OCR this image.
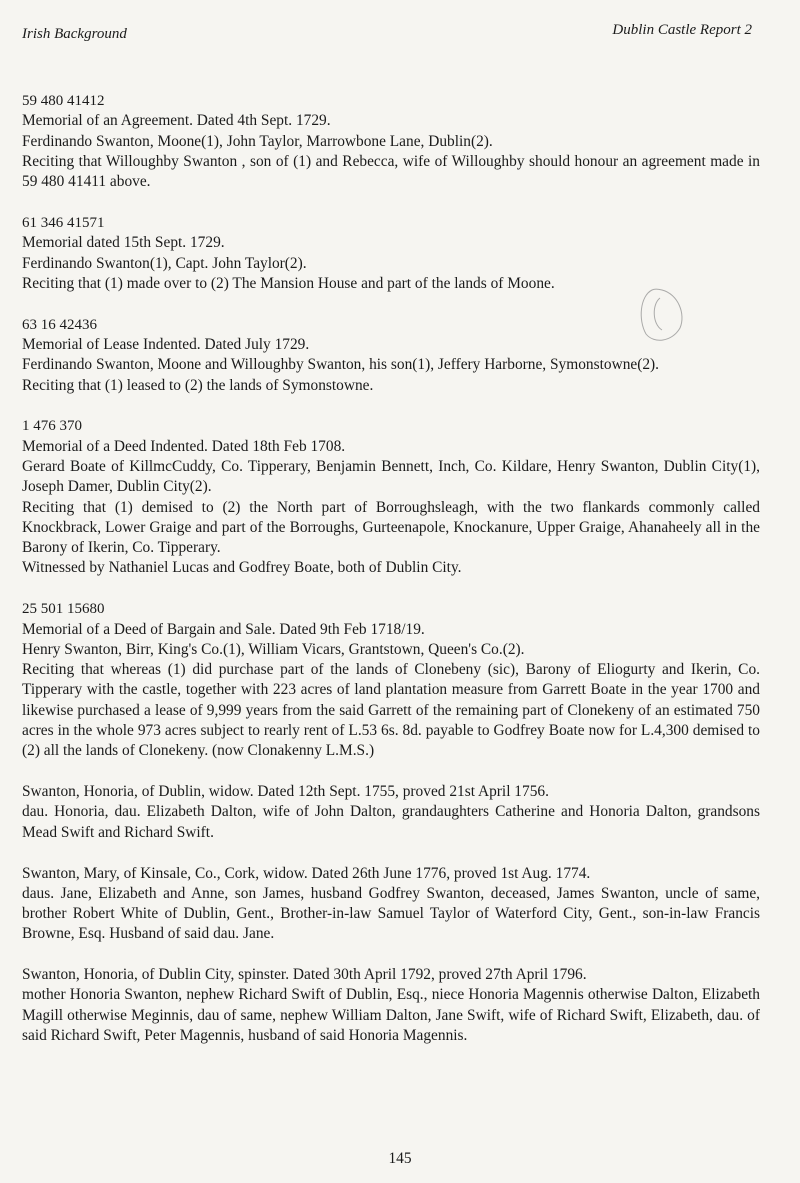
Irish Background	Dublin Castle Report 2

59 480 41412

Memorial of an Agreement. Dated 4th Sept. 1729.

Ferdinando Swanton, Moone(1), John Taylor, Marrowbone Lane, Dublin(2).

Reciting that Willoughby Swanton , son of (1) and Rebecca, wife of Willoughby should honour an agreement made in 59 480 41411 above.

61 346 41571

Memorial dated 15th Sept. 1729.

Ferdinando Swanton(1), Capt. John Taylor(2).

Reciting that (1) made over to (2) The Mansion House and part of the lands of Moone.

63 16 42436

Memorial of Lease Indented. Dated July 1729.

Ferdinando Swanton, Moone and Willoughby Swanton, his son(1), Jeffery Harborne, Symonstowne(2).

Reciting that (1) leased to (2) the lands of Symonstowne.

1 476 370

Memorial of a Deed Indented. Dated 18th Feb 1708.

Gerard Boate of KillmcCuddy, Co. Tipperary, Benjamin Bennett, Inch, Co. Kildare, Henry Swanton, Dublin City(1), Joseph Damer, Dublin City(2).

Reciting that (1) demised to (2) the North part of Borroughsleagh, with the two flankards commonly called Knockbrack, Lower Graige and part of the Borroughs, Gurteenapole, Knockanure, Upper Graige, Ahanaheely all in the Barony of Ikerin, Co. Tipperary.

Witnessed by Nathaniel Lucas and Godfrey Boate, both of Dublin City.

25 501 15680

Memorial of a Deed of Bargain and Sale. Dated 9th Feb 1718/19.

Henry Swanton, Birr, King's Co.(1), William Vicars, Grantstown, Queen's Co.(2).

Reciting that whereas (1) did purchase part of the lands of Clonebeny (sic), Barony of Eliogurty and Ikerin, Co. Tipperary with the castle, together with 223 acres of land plantation measure from Garrett Boate in the year 1700 and likewise purchased a lease of 9,999 years from the said Garrett of the remaining part of Clonekeny of an estimated 750 acres in the whole 973 acres subject to rearly rent of L.53 6s. 8d. payable to Godfrey Boate now for L.4,300 demised to (2) all the lands of Clonekeny. (now Clonakenny L.M.S.)

Swanton, Honoria, of Dublin, widow. Dated 12th Sept. 1755, proved 21st April 1756.

dau. Honoria, dau. Elizabeth Dalton, wife of John Dalton, grandaughters Catherine and Honoria Dalton, grandsons Mead Swift and Richard Swift.

Swanton, Mary, of Kinsale, Co., Cork, widow. Dated 26th June 1776, proved 1st Aug. 1774.

daus. Jane, Elizabeth and Anne, son James, husband Godfrey Swanton, deceased, James Swanton, uncle of same, brother Robert White of Dublin, Gent., Brother-in-law Samuel Taylor of Waterford City, Gent., son-in-law Francis Browne, Esq. Husband of said dau. Jane.

Swanton, Honoria, of Dublin City, spinster. Dated 30th April 1792, proved 27th April 1796.

mother Honoria Swanton, nephew Richard Swift of Dublin, Esq., niece Honoria Magennis otherwise Dalton, Elizabeth Magill otherwise Meginnis, dau of same, nephew William Dalton, Jane Swift, wife of Richard Swift, Elizabeth, dau. of said Richard Swift, Peter Magennis, husband of said Honoria Magennis.

145
